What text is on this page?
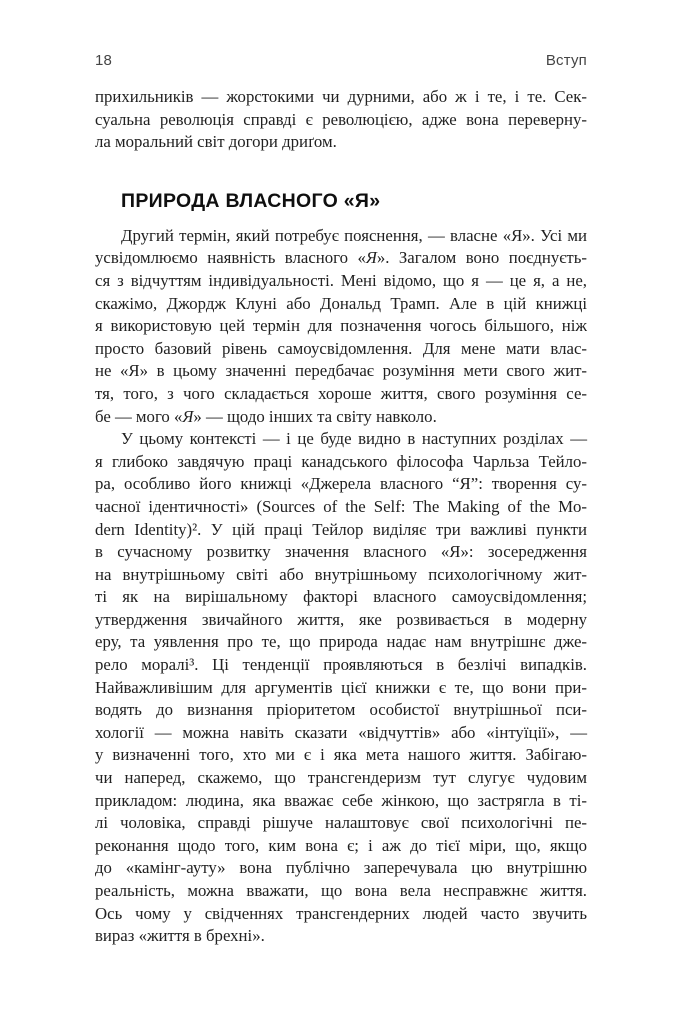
18	Вступ
прихильників — жорстокими чи дурними, або ж і те, і те. Сек-
суальна революція справді є революцією, адже вона переверну-
ла моральний світ догори дриґом.
ПРИРОДА ВЛАСНОГО «Я»
Другий термін, який потребує пояснення, — власне «Я». Усі ми
усвідомлюємо наявність власного «Я». Загалом воно поєднуєть-
ся з відчуттям індивідуальності. Мені відомо, що я — це я, а не,
скажімо, Джордж Клуні або Дональд Трамп. Але в цій книжці
я використовую цей термін для позначення чогось більшого, ніж
просто базовий рівень самоусвідомлення. Для мене мати влас-
не «Я» в цьому значенні передбачає розуміння мети свого жит-
тя, того, з чого складається хороше життя, свого розуміння се-
бе — мого «Я» — щодо інших та світу навколо.
У цьому контексті — і це буде видно в наступних розділах —
я глибоко завдячую праці канадського філософа Чарльза Тейло-
ра, особливо його книжці «Джерела власного “Я”: творення су-
часної ідентичності» (Sources of the Self: The Making of the Mo-
dern Identity)². У цій праці Тейлор виділяє три важливі пункти
в сучасному розвитку значення власного «Я»: зосередження
на внутрішньому світі або внутрішньому психологічному жит-
ті як на вирішальному факторі власного самоусвідомлення;
утвердження звичайного життя, яке розвивається в модерну
еру, та уявлення про те, що природа надає нам внутрішнє дже-
рело моралі³. Ці тенденції проявляються в безлічі випадків.
Найважливішим для аргументів цієї книжки є те, що вони при-
водять до визнання пріоритетом особистої внутрішньої пси-
хології — можна навіть сказати «відчуттів» або «інтуїції», —
у визначенні того, хто ми є і яка мета нашого життя. Забігаю-
чи наперед, скажемо, що трансгендеризм тут слугує чудовим
прикладом: людина, яка вважає себе жінкою, що застрягла в ті-
лі чоловіка, справді рішуче налаштовує свої психологічні пе-
реконання щодо того, ким вона є; і аж до тієї міри, що, якщо
до «камінг-ауту» вона публічно заперечувала цю внутрішню
реальність, можна вважати, що вона вела несправжнє життя.
Ось чому у свідченнях трансгендерних людей часто звучить
вираз «життя в брехні».
